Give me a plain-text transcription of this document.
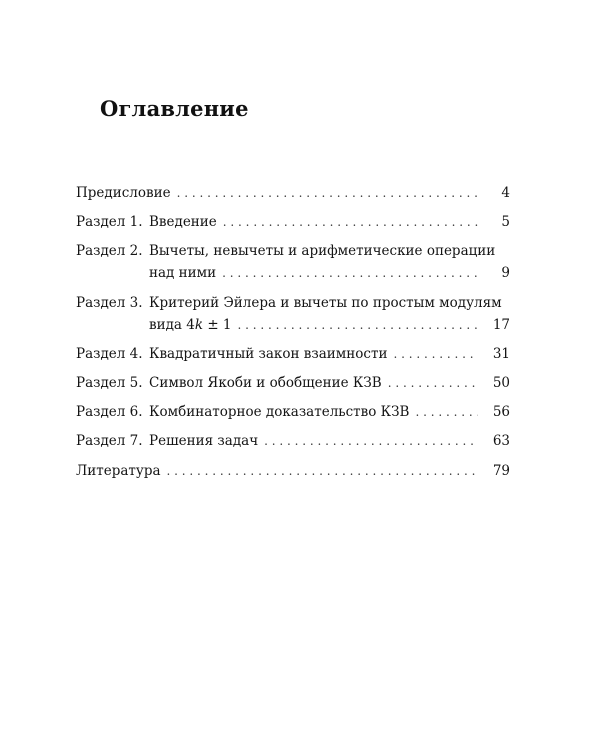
Оглавление
Предисловие . . .	4
Раздел 1. Введение . . .	5
Раздел 2. Вычеты, невычеты и арифметические операции
над ними . . .	9
Раздел 3. Критерий Эйлера и вычеты по простым модулям
вида 4k ± 1 . . .	17
Раздел 4. Квадратичный закон взаимности . . .	31
Раздел 5. Символ Якоби и обобщение КЗВ . . .	50
Раздел 6. Комбинаторное доказательство КЗВ . . .	56
Раздел 7. Решения задач . . .	63
Литература . . .	79
